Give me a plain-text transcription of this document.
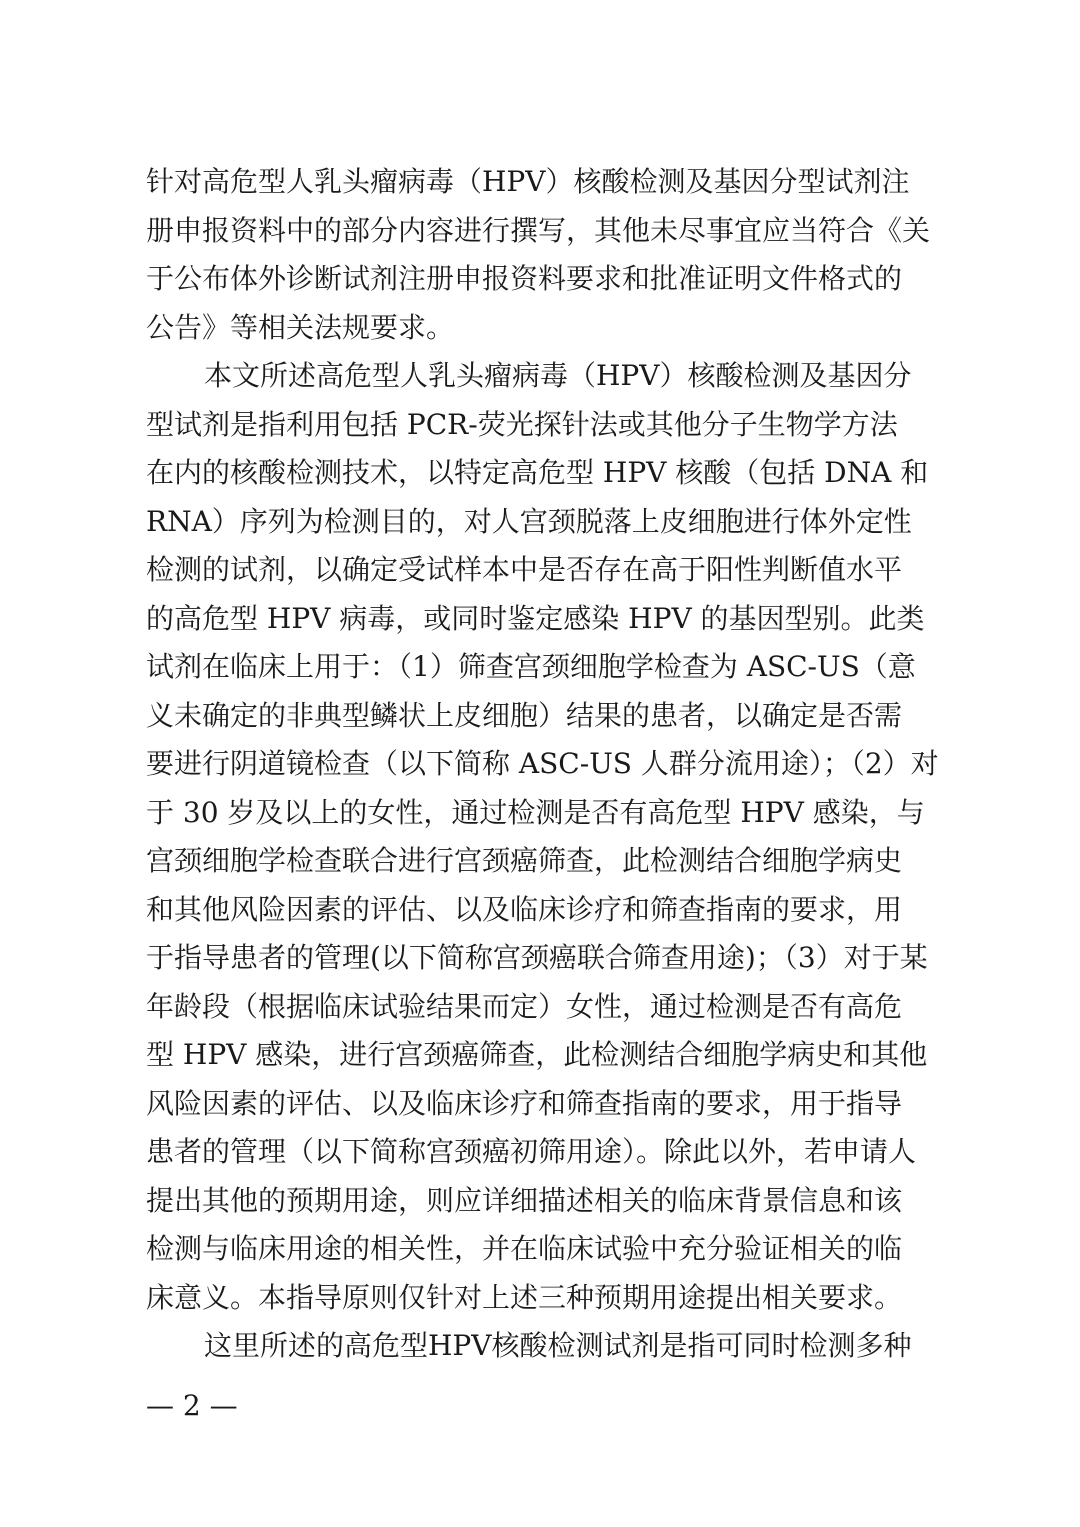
针对高危型人乳头瘤病毒（HPV）核酸检测及基因分型试剂注
册申报资料中的部分内容进行撰写，其他未尽事宜应当符合《关
于公布体外诊断试剂注册申报资料要求和批准证明文件格式的
公告》等相关法规要求。
本文所述高危型人乳头瘤病毒（HPV）核酸检测及基因分
型试剂是指利用包括 PCR-荧光探针法或其他分子生物学方法
在内的核酸检测技术，以特定高危型 HPV 核酸（包括 DNA 和
RNA）序列为检测目的，对人宫颈脱落上皮细胞进行体外定性
检测的试剂，以确定受试样本中是否存在高于阳性判断值水平
的高危型 HPV 病毒，或同时鉴定感染 HPV 的基因型别。此类
试剂在临床上用于：（1）筛查宫颈细胞学检查为 ASC-US（意
义未确定的非典型鳞状上皮细胞）结果的患者，以确定是否需
要进行阴道镜检查（以下简称 ASC-US 人群分流用途）；（2）对
于 30 岁及以上的女性，通过检测是否有高危型 HPV 感染，与
宫颈细胞学检查联合进行宫颈癌筛查，此检测结合细胞学病史
和其他风险因素的评估、以及临床诊疗和筛查指南的要求，用
于指导患者的管理(以下简称宫颈癌联合筛查用途)；（3）对于某
年龄段（根据临床试验结果而定）女性，通过检测是否有高危
型 HPV 感染，进行宫颈癌筛查，此检测结合细胞学病史和其他
风险因素的评估、以及临床诊疗和筛查指南的要求，用于指导
患者的管理（以下简称宫颈癌初筛用途）。除此以外，若申请人
提出其他的预期用途，则应详细描述相关的临床背景信息和该
检测与临床用途的相关性，并在临床试验中充分验证相关的临
床意义。本指导原则仅针对上述三种预期用途提出相关要求。
这里所述的高危型HPV核酸检测试剂是指可同时检测多种
— 2 —
